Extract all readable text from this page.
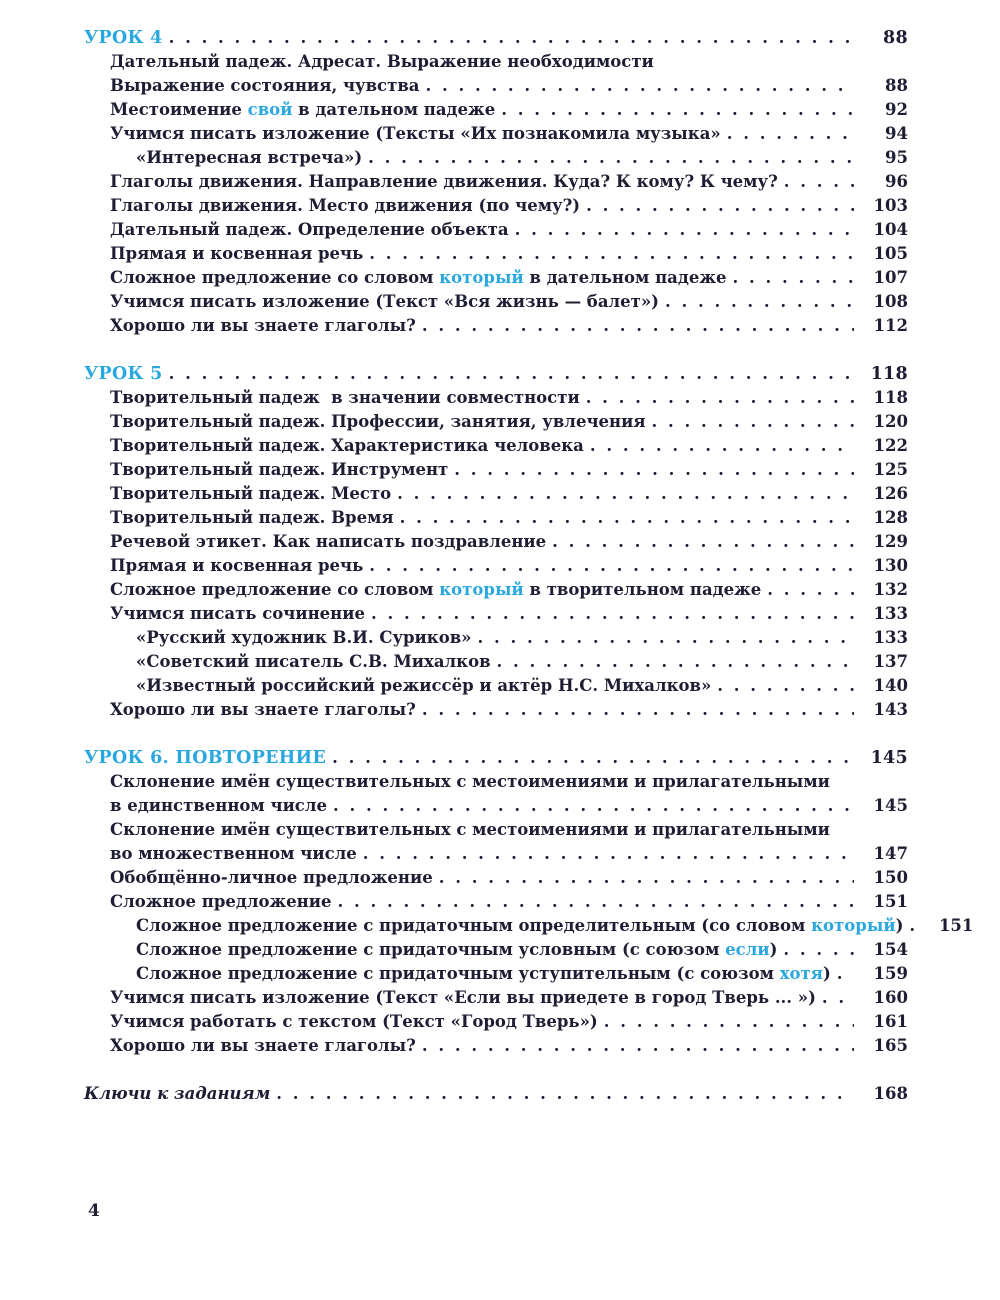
УРОК 4 . . .	88
Дательный падеж. Адресат. Выражение необходимости
Выражение состояния, чувства . . .	88
Местоимение свой в дательном падеже . . .	92
Учимся писать изложение (Тексты «Их познакомила музыка» . . .	94
«Интересная встреча») . . .	95
Глаголы движения. Направление движения. Куда? К кому? К чему? . . .	96
Глаголы движения. Место движения (по чему?) . . .	103
Дательный падеж. Определение объекта . . .	104
Прямая и косвенная речь . . .	105
Сложное предложение со словом который в дательном падеже . . .	107
Учимся писать изложение (Текст «Вся жизнь — балет») . . .	108
Хорошо ли вы знаете глаголы? . . .	112
УРОК 5 . . .	118
Творительный падеж  в значении совместности . . .	118
Творительный падеж. Профессии, занятия, увлечения . . .	120
Творительный падеж. Характеристика человека . . .	122
Творительный падеж. Инструмент . . .	125
Творительный падеж. Место . . .	126
Творительный падеж. Время . . .	128
Речевой этикет. Как написать поздравление . . .	129
Прямая и косвенная речь . . .	130
Сложное предложение со словом который в творительном падеже . . .	132
Учимся писать сочинение . . .	133
«Русский художник В.И. Суриков» . . .	133
«Советский писатель С.В. Михалков . . .	137
«Известный российский режиссёр и актёр Н.С. Михалков» . . .	140
Хорошо ли вы знаете глаголы? . . .	143
УРОК 6. ПОВТОРЕНИЕ . . .	145
Склонение имён существительных с местоимениями и прилагательными
в единственном числе . . .	145
Склонение имён существительных с местоимениями и прилагательными
во множественном числе . . .	147
Обобщённо-личное предложение . . .	150
Сложное предложение . . .	151
Сложное предложение с придаточным определительным (со словом который) . . .	151
Сложное предложение с придаточным условным (с союзом если) . . .	154
Сложное предложение с придаточным уступительным (с союзом хотя) . . .	159
Учимся писать изложение (Текст «Если вы приедете в город Тверь ... ») . . .	160
Учимся работать с текстом (Текст «Город Тверь») . . .	161
Хорошо ли вы знаете глаголы? . . .	165
Ключи к заданиям . . .	168
4
